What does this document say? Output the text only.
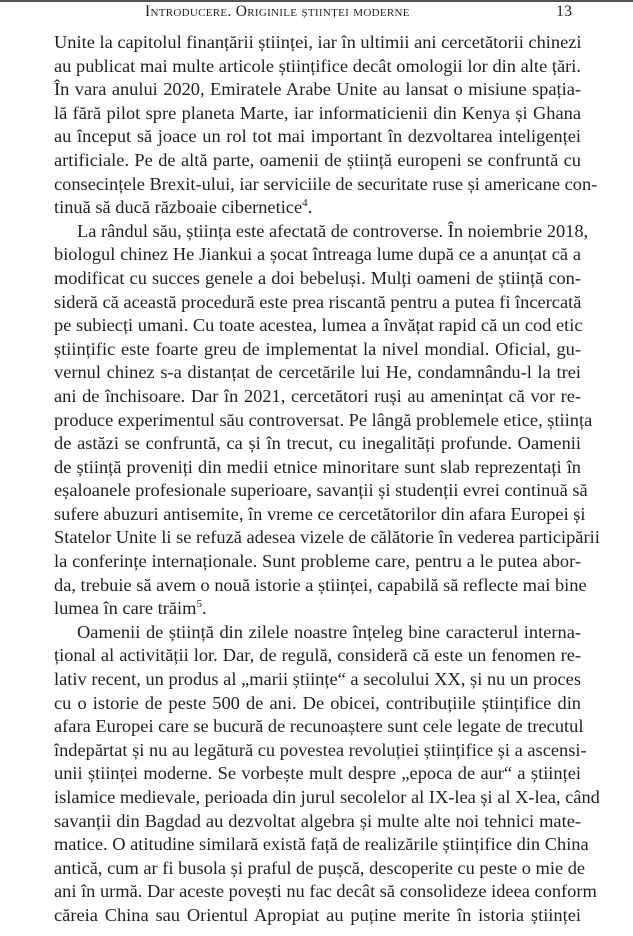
Introducere. Originile științei moderne	13

Unite la capitolul finanțării științei, iar în ultimii ani cercetătorii chinezi
au publicat mai multe articole științifice decât omologii lor din alte țări.
În vara anului 2020, Emiratele Arabe Unite au lansat o misiune spația-
lă fără pilot spre planeta Marte, iar informaticienii din Kenya și Ghana
au început să joace un rol tot mai important în dezvoltarea inteligenței
artificiale. Pe de altă parte, oamenii de știință europeni se confruntă cu
consecințele Brexit-ului, iar serviciile de securitate ruse și americane con-
tinuă să ducă războaie cibernetice$^4$.

La rândul său, știința este afectată de controverse. În noiembrie 2018,
biologul chinez He Jiankui a șocat întreaga lume după ce a anunțat că a
modificat cu succes genele a doi bebeluși. Mulți oameni de știință con-
sideră că această procedură este prea riscantă pentru a putea fi încercată
pe subiecți umani. Cu toate acestea, lumea a învățat rapid că un cod etic
științific este foarte greu de implementat la nivel mondial. Oficial, gu-
vernul chinez s-a distanțat de cercetările lui He, condamnându-l la trei
ani de închisoare. Dar în 2021, cercetători ruși au amenințat că vor re-
produce experimentul său controversat. Pe lângă problemele etice, știința
de astăzi se confruntă, ca și în trecut, cu inegalități profunde. Oamenii
de știință proveniți din medii etnice minoritare sunt slab reprezentați în
eșaloanele profesionale superioare, savanții și studenții evrei continuă să
sufere abuzuri antisemite, în vreme ce cercetătorilor din afara Europei și
Statelor Unite li se refuză adesea vizele de călătorie în vederea participării
la conferințe internaționale. Sunt probleme care, pentru a le putea abor-
da, trebuie să avem o nouă istorie a științei, capabilă să reflecte mai bine
lumea în care trăim$^5$.

Oamenii de știință din zilele noastre înțeleg bine caracterul interna-
țional al activității lor. Dar, de regulă, consideră că este un fenomen re-
lativ recent, un produs al „marii științe“ a secolului XX, și nu un proces
cu o istorie de peste 500 de ani. De obicei, contribuțiile științifice din
afara Europei care se bucură de recunoaștere sunt cele legate de trecutul
îndepărtat și nu au legătură cu povestea revoluției științifice și a ascensi-
unii științei moderne. Se vorbește mult despre „epoca de aur“ a științei
islamice medievale, perioada din jurul secolelor al IX-lea și al X-lea, când
savanții din Bagdad au dezvoltat algebra și multe alte noi tehnici mate-
matice. O atitudine similară există față de realizările științifice din China
antică, cum ar fi busola și praful de pușcă, descoperite cu peste o mie de
ani în urmă. Dar aceste povești nu fac decât să consolideze ideea conform
căreia China sau Orientul Apropiat au puține merite în istoria științei
